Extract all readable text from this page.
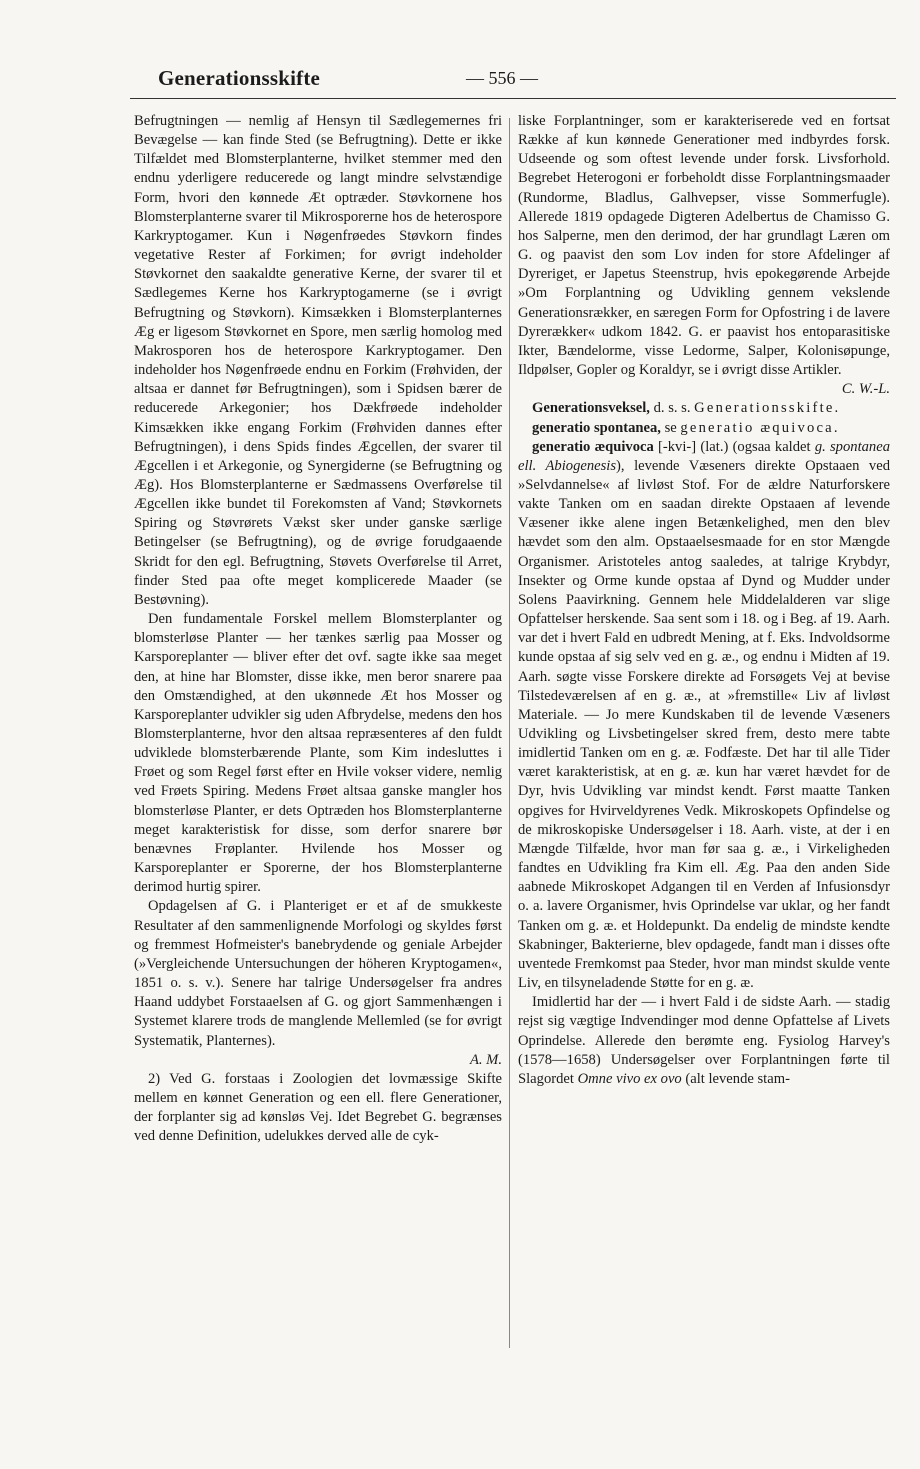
Generationsskifte	— 556 —

Befrugtningen — nemlig af Hensyn til Sædlegemernes fri Bevægelse — kan finde Sted (se Befrugtning). Dette er ikke Tilfældet med Blomsterplanterne, hvilket stemmer med den endnu yderligere reducerede og langt mindre selvstændige Form, hvori den kønnede Æt optræder. Støvkornene hos Blomsterplanterne svarer til Mikrosporerne hos de heterospore Karkryptogamer. Kun i Nøgenfrøedes Støvkorn findes vegetative Rester af Forkimen; for øvrigt indeholder Støvkornet den saakaldte generative Kerne, der svarer til et Sædlegemes Kerne hos Karkryptogamerne (se i øvrigt Befrugtning og Støvkorn). Kimsækken i Blomsterplanternes Æg er ligesom Støvkornet en Spore, men særlig homolog med Makrosporen hos de heterospore Karkryptogamer. Den indeholder hos Nøgenfrøede endnu en Forkim (Frøhviden, der altsaa er dannet før Befrugtningen), som i Spidsen bærer de reducerede Arkegonier; hos Dækfrøede indeholder Kimsækken ikke engang Forkim (Frøhviden dannes efter Befrugtningen), i dens Spids findes Ægcellen, der svarer til Ægcellen i et Arkegonie, og Synergiderne (se Befrugtning og Æg). Hos Blomsterplanterne er Sædmassens Overførelse til Ægcellen ikke bundet til Forekomsten af Vand; Støvkornets Spiring og Støvrørets Vækst sker under ganske særlige Betingelser (se Befrugtning), og de øvrige forudgaaende Skridt for den egl. Befrugtning, Støvets Overførelse til Arret, finder Sted paa ofte meget komplicerede Maader (se Bestøvning).

Den fundamentale Forskel mellem Blomsterplanter og blomsterløse Planter — her tænkes særlig paa Mosser og Karsporeplanter — bliver efter det ovf. sagte ikke saa meget den, at hine har Blomster, disse ikke, men beror snarere paa den Omstændighed, at den ukønnede Æt hos Mosser og Karsporeplanter udvikler sig uden Afbrydelse, medens den hos Blomsterplanterne, hvor den altsaa repræsenteres af den fuldt udviklede blomsterbærende Plante, som Kim indesluttes i Frøet og som Regel først efter en Hvile vokser videre, nemlig ved Frøets Spiring. Medens Frøet altsaa ganske mangler hos blomsterløse Planter, er dets Optræden hos Blomsterplanterne meget karakteristisk for disse, som derfor snarere bør benævnes Frøplanter. Hvilende hos Mosser og Karsporeplanter er Sporerne, der hos Blomsterplanterne derimod hurtig spirer.

Opdagelsen af G. i Planteriget er et af de smukkeste Resultater af den sammenlignende Morfologi og skyldes først og fremmest Hofmeister's banebrydende og geniale Arbejder (»Vergleichende Untersuchungen der höheren Kryptogamen«, 1851 o. s. v.). Senere har talrige Undersøgelser fra andres Haand uddybet Forstaaelsen af G. og gjort Sammenhængen i Systemet klarere trods de manglende Mellemled (se for øvrigt Systematik, Planternes).

A. M.

2) Ved G. forstaas i Zoologien det lovmæssige Skifte mellem en kønnet Generation og een ell. flere Generationer, der forplanter sig ad kønsløs Vej. Idet Begrebet G. begrænses ved denne Definition, udelukkes derved alle de cyk-

liske Forplantninger, som er karakteriserede ved en fortsat Række af kun kønnede Generationer med indbyrdes forsk. Udseende og som oftest levende under forsk. Livsforhold. Begrebet Heterogoni er forbeholdt disse Forplantningsmaader (Rundorme, Bladlus, Galhvepser, visse Sommerfugle). Allerede 1819 opdagede Digteren Adelbertus de Chamisso G. hos Salperne, men den derimod, der har grundlagt Læren om G. og paavist den som Lov inden for store Afdelinger af Dyreriget, er Japetus Steenstrup, hvis epokegørende Arbejde »Om Forplantning og Udvikling gennem vekslende Generationsrækker, en særegen Form for Opfostring i de lavere Dyrerækker« udkom 1842. G. er paavist hos entoparasitiske Ikter, Bændelorme, visse Ledorme, Salper, Kolonisøpunge, Ildpølser, Gopler og Koraldyr, se i øvrigt disse Artikler.

C. W.-L.

Generationsveksel, d. s. s. Generationsskifte.

generatio spontanea, se generatio æquivoca.

generatio æquivoca [-kvi-] (lat.) (ogsaa kaldet g. spontanea ell. Abiogenesis), levende Væseners direkte Opstaaen ved »Selvdannelse« af livløst Stof. For de ældre Naturforskere vakte Tanken om en saadan direkte Opstaaen af levende Væsener ikke alene ingen Betænkelighed, men den blev hævdet som den alm. Opstaaelsesmaade for en stor Mængde Organismer. Aristoteles antog saaledes, at talrige Krybdyr, Insekter og Orme kunde opstaa af Dynd og Mudder under Solens Paavirkning. Gennem hele Middelalderen var slige Opfattelser herskende. Saa sent som i 18. og i Beg. af 19. Aarh. var det i hvert Fald en udbredt Mening, at f. Eks. Indvoldsorme kunde opstaa af sig selv ved en g. æ., og endnu i Midten af 19. Aarh. søgte visse Forskere direkte ad Forsøgets Vej at bevise Tilstedeværelsen af en g. æ., at »fremstille« Liv af livløst Materiale. — Jo mere Kundskaben til de levende Væseners Udvikling og Livsbetingelser skred frem, desto mere tabte imidlertid Tanken om en g. æ. Fodfæste. Det har til alle Tider været karakteristisk, at en g. æ. kun har været hævdet for de Dyr, hvis Udvikling var mindst kendt. Først maatte Tanken opgives for Hvirveldyrenes Vedk. Mikroskopets Opfindelse og de mikroskopiske Undersøgelser i 18. Aarh. viste, at der i en Mængde Tilfælde, hvor man før saa g. æ., i Virkeligheden fandtes en Udvikling fra Kim ell. Æg. Paa den anden Side aabnede Mikroskopet Adgangen til en Verden af Infusionsdyr o. a. lavere Organismer, hvis Oprindelse var uklar, og her fandt Tanken om g. æ. et Holdepunkt. Da endelig de mindste kendte Skabninger, Bakterierne, blev opdagede, fandt man i disses ofte uventede Fremkomst paa Steder, hvor man mindst skulde vente Liv, en tilsyneladende Støtte for en g. æ.

Imidlertid har der — i hvert Fald i de sidste Aarh. — stadig rejst sig vægtige Indvendinger mod denne Opfattelse af Livets Oprindelse. Allerede den berømte eng. Fysiolog Harvey's (1578—1658) Undersøgelser over Forplantningen førte til Slagordet Omne vivo ex ovo (alt levende stam-
